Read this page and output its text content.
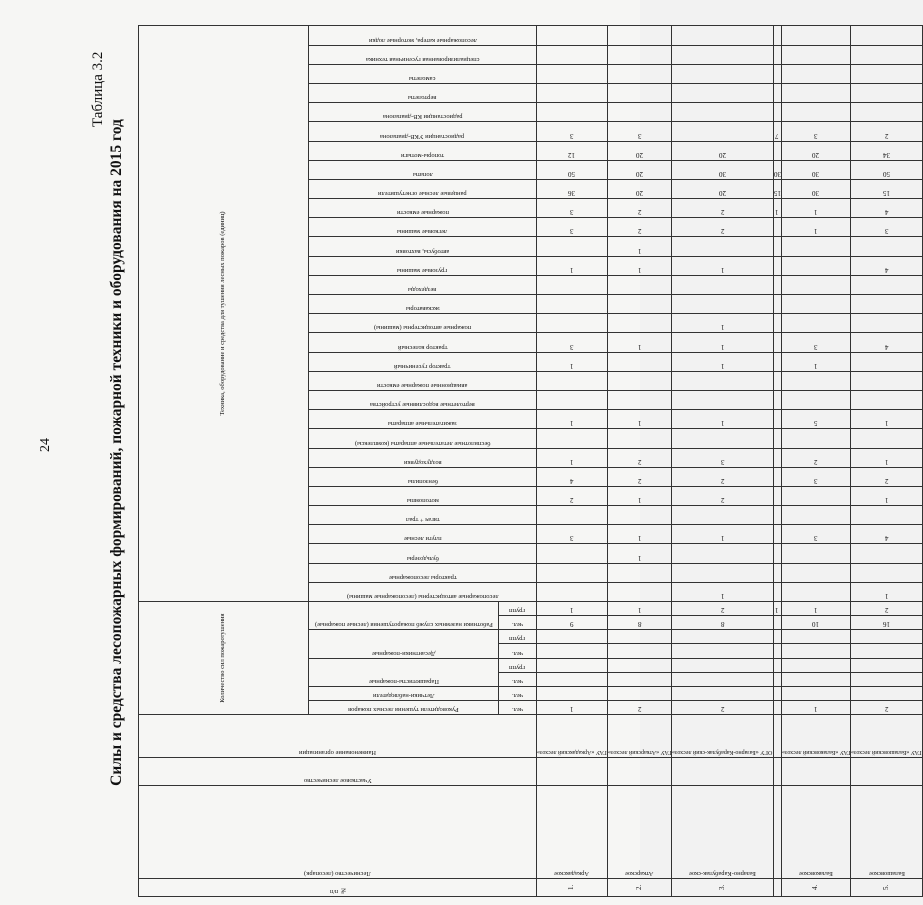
24
Таблица 3.2
Силы и средства лесопожарных формирований, пожарной техники и оборудования на 2015 год
№ п/п	Лесничество (лесопарк)	Участковое лесничество	Наименование организации	Количество сил пожаротушения								Техника, оборудование и средства для тушения лесных пожаров (единиц)																													

				Руководители тушения лесных пожаров	Летчики-наблюдатели	Парашютисты-пожарные		Десантники-пожарные		Работники наземных служб пожаротушения (лесные пожарные)		лесопожарные автоцистерны (лесопожарные машины)	тракторы лесопожарные	бульдозеры	плуги лесные	тягач + трал	мотопомпы	бензопилы	воздуходувки	беспилотные летательные аппараты (комплексы)	зажигательные аппараты	вертолетные водосливные устройства	авиационные пожарные емкости	трактор гусеничный	трактор колесный	пожарные автоцистерны (машины)	экскаваторы	вездеходы	грузовые машины	автобусы, вахтовки	легковые машины	пожарные емкости	ранцевые лесные огнетушители	лопаты	топоры-мотыги	радиостанции УКВ-диапазона	радиостанции КВ-диапазона	вертолеты	самолеты	специализированная гусеничная техника	лесопожарные катера, моторные лодки

				чел.	чел.	чел.	групп	чел.	групп	чел.	групп																														

1.	Аркадакское		ГАУ «Аркадакский лесхоз»	1						9	1				3		2	4	1		1			1	3				1		3	3	36	50	12	3					

2.	Аткарское		ГАУ «Аткарский лесхоз»	2						8	1			1	1		1	2	2		1				1				1	1	2	2	20	20	20	3					

3.	Базарно-Карабулак-ское		ОГУ «Базарно-Карабулак-ский лесхоз»	2						8	2	1			1		2	2	3		1			1	1	1			1		2	2	20	30	20						

											1																					1	15	30		7					

4.	Балаковское		ГАУ «Балаковский лесхоз»	1						10	1				3			3	2		5			1	3						1	1	30	30	20	3					

5.	Балашовское		ГАУ «Балашовский лесхоз»	2						16	2	1			4		1	2	1		1				4				4		3	4	15	50	34	2					
